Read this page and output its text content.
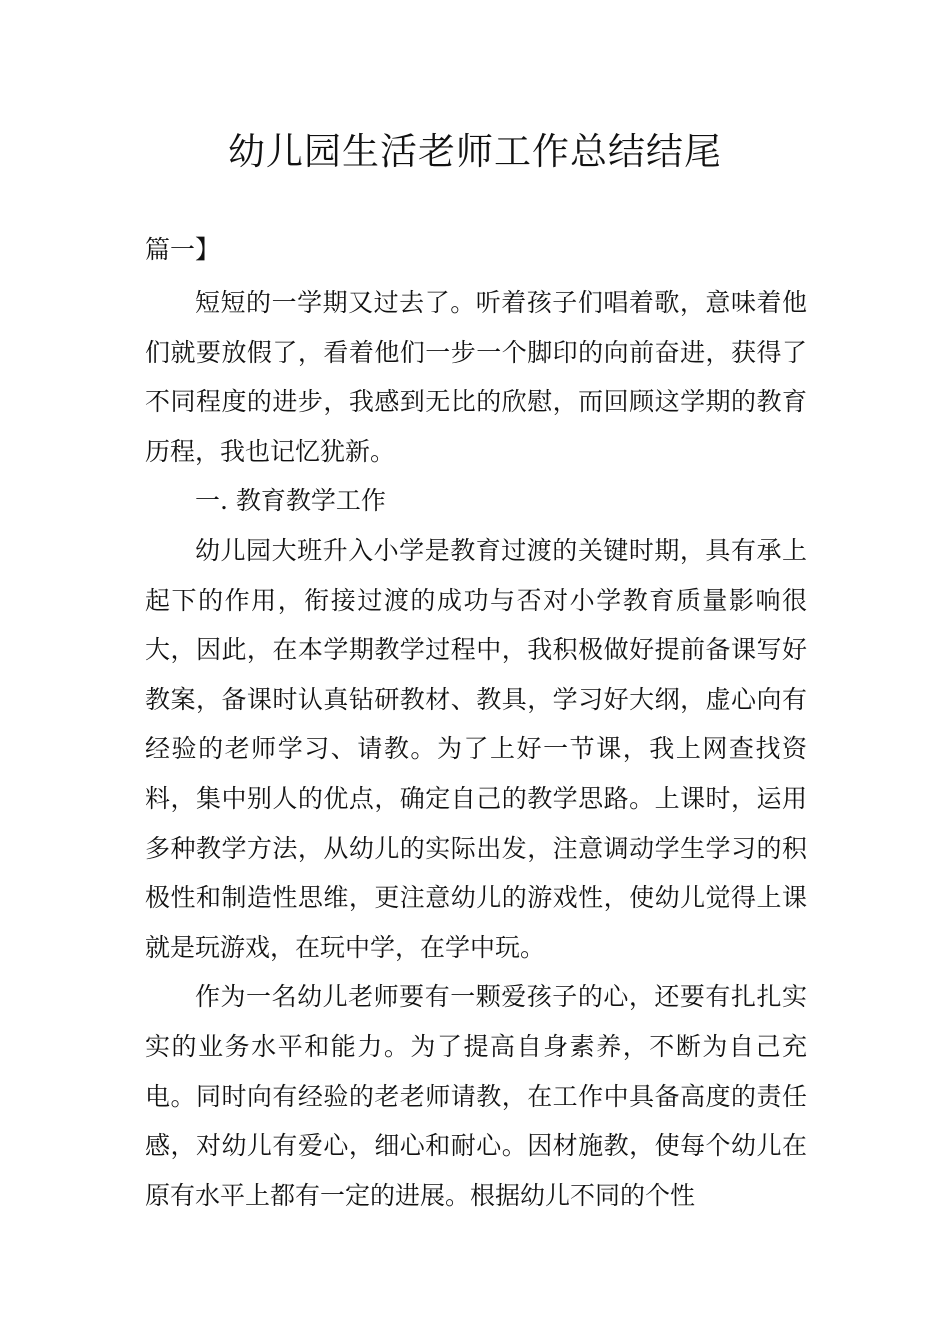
幼儿园生活老师工作总结结尾
篇一】

短短的一学期又过去了。听着孩子们唱着歌，意味着他们就要放假了，看着他们一步一个脚印的向前奋进，获得了不同程度的进步，我感到无比的欣慰，而回顾这学期的教育历程，我也记忆犹新。

一. 教育教学工作

幼儿园大班升入小学是教育过渡的关键时期，具有承上起下的作用，衔接过渡的成功与否对小学教育质量影响很大，因此，在本学期教学过程中，我积极做好提前备课写好教案，备课时认真钻研教材、教具，学习好大纲，虚心向有经验的老师学习、请教。为了上好一节课，我上网查找资料，集中别人的优点，确定自己的教学思路。上课时，运用多种教学方法，从幼儿的实际出发，注意调动学生学习的积极性和制造性思维，更注意幼儿的游戏性，使幼儿觉得上课就是玩游戏，在玩中学，在学中玩。

作为一名幼儿老师要有一颗爱孩子的心，还要有扎扎实实的业务水平和能力。为了提高自身素养，不断为自己充电。同时向有经验的老老师请教，在工作中具备高度的责任感，对幼儿有爱心，细心和耐心。因材施教，使每个幼儿在原有水平上都有一定的进展。根据幼儿不同的个性
